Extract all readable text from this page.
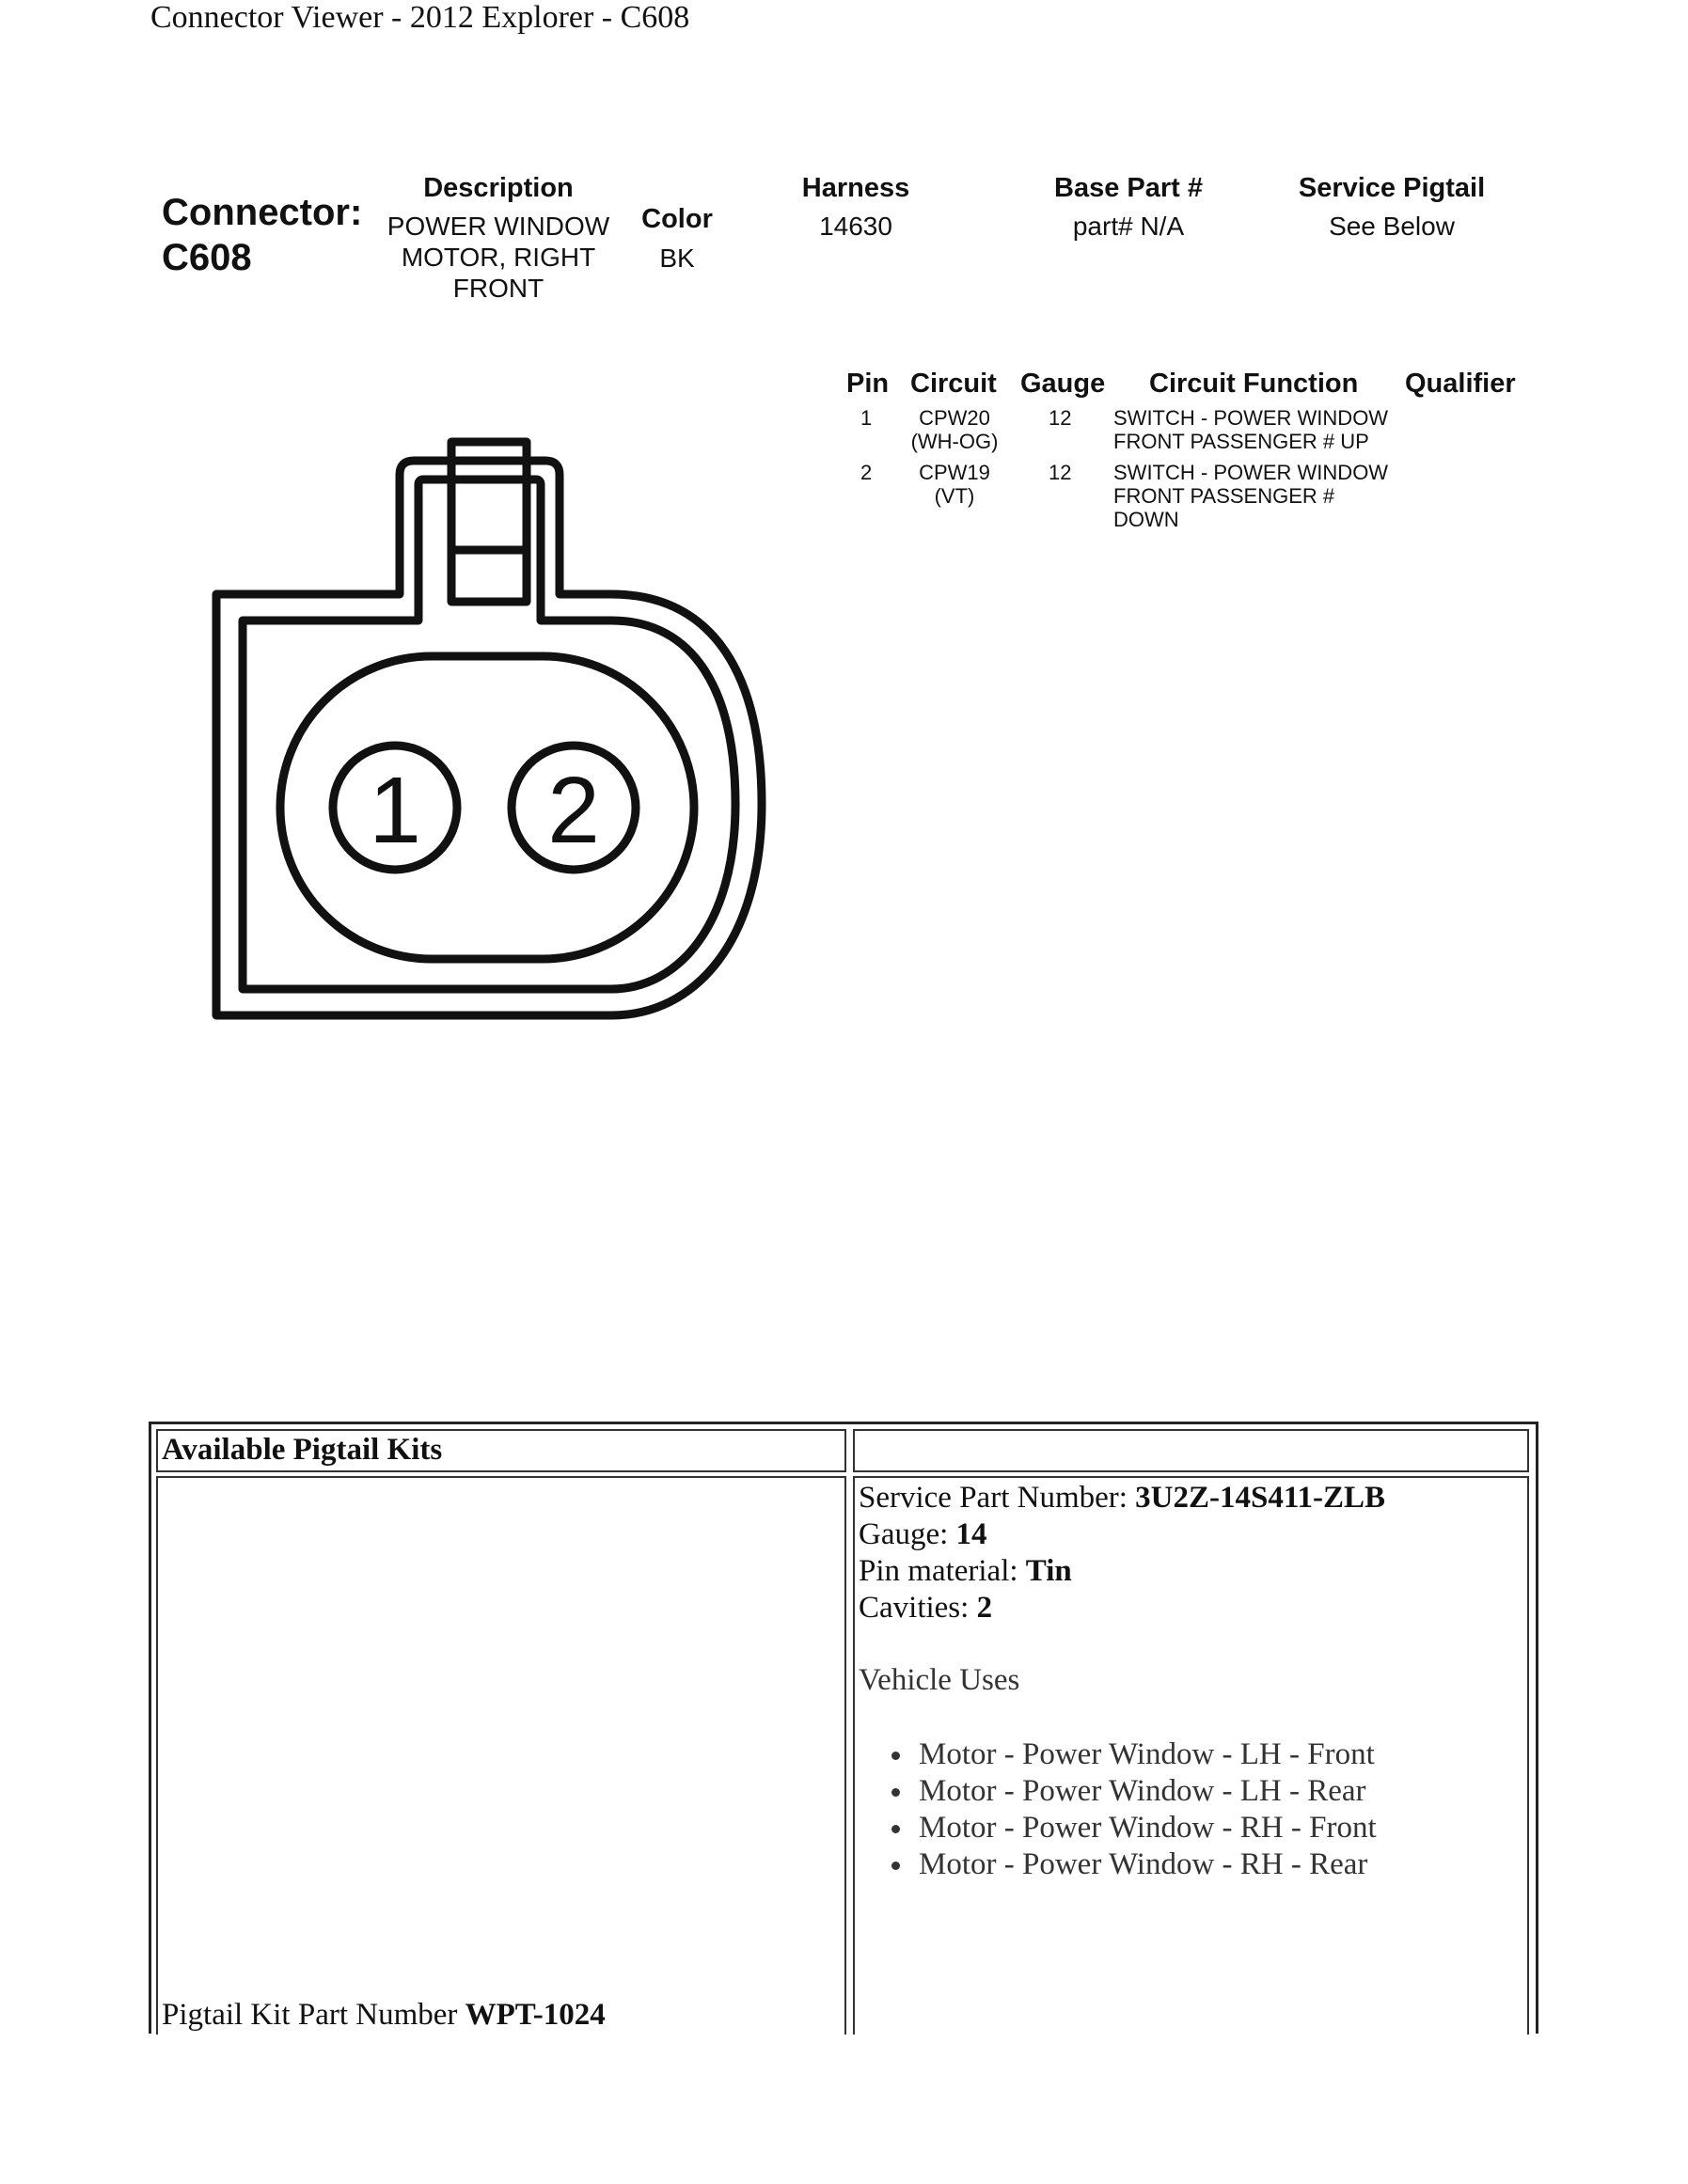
Connector Viewer - 2012 Explorer - C608
Connector:
C608
Description
POWER WINDOW
MOTOR, RIGHT
FRONT
Color
BK
Harness
14630
Base Part #
part# N/A
Service Pigtail
See Below
Pin Circuit Gauge Circuit Function Qualifier
1	CPW20
(WH-OG)
12 SWITCH - POWER WINDOW
FRONT PASSENGER # UP
2	CPW19
(VT)
12 SWITCH - POWER WINDOW
FRONT PASSENGER #
DOWN
1 2
Available Pigtail Kits
Pigtail Kit Part Number WPT-1024
Service Part Number: 3U2Z-14S411-ZLB
Gauge: 14
Pin material: Tin
Cavities: 2
Vehicle Uses
• Motor - Power Window - LH - Front
• Motor - Power Window - LH - Rear
• Motor - Power Window - RH - Front
• Motor - Power Window - RH - Rear
